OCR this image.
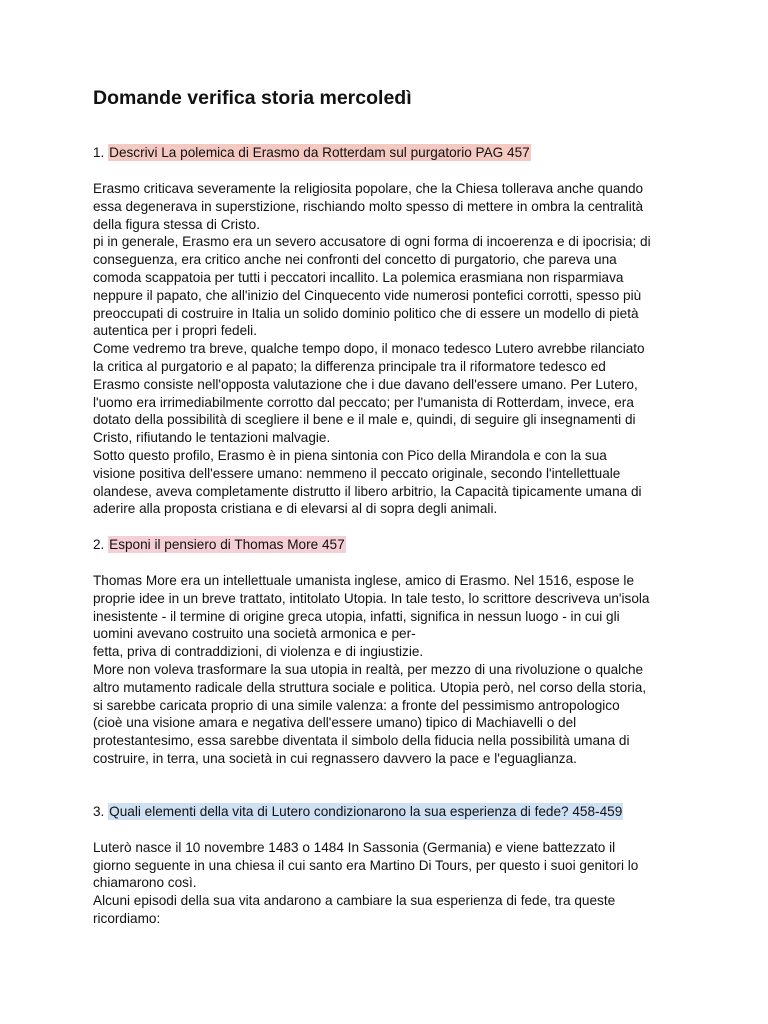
Domande verifica storia mercoledì
1. Descrivi La polemica di Erasmo da Rotterdam sul purgatorio PAG 457
Erasmo criticava severamente la religiosita popolare, che la Chiesa tollerava anche quando
essa degenerava in superstizione, rischiando molto spesso di mettere in ombra la centralità
della figura stessa di Cristo.
pi in generale, Erasmo era un severo accusatore di ogni forma di incoerenza e di ipocrisia; di
conseguenza, era critico anche nei confronti del concetto di purgatorio, che pareva una
comoda scappatoia per tutti i peccatori incallito. La polemica erasmiana non risparmiava
neppure il papato, che all'inizio del Cinquecento vide numerosi pontefici corrotti, spesso più
preoccupati di costruire in Italia un solido dominio politico che di essere un modello di pietà
autentica per i propri fedeli.
Come vedremo tra breve, qualche tempo dopo, il monaco tedesco Lutero avrebbe rilanciato
la critica al purgatorio e al papato; la differenza principale tra il riformatore tedesco ed
Erasmo consiste nell'opposta valutazione che i due davano dell'essere umano. Per Lutero,
l'uomo era irrimediabilmente corrotto dal peccato; per l'umanista di Rotterdam, invece, era
dotato della possibilità di scegliere il bene e il male e, quindi, di seguire gli insegnamenti di
Cristo, rifiutando le tentazioni malvagie.
Sotto questo profilo, Erasmo è in piena sintonia con Pico della Mirandola e con la sua
visione positiva dell'essere umano: nemmeno il peccato originale, secondo l'intellettuale
olandese, aveva completamente distrutto il libero arbitrio, la Capacità tipicamente umana di
aderire alla proposta cristiana e di elevarsi al di sopra degli animali.
2. Esponi il pensiero di Thomas More 457
Thomas More era un intellettuale umanista inglese, amico di Erasmo. Nel 1516, espose le
proprie idee in un breve trattato, intitolato Utopia. In tale testo, lo scrittore descriveva un'isola
inesistente - il termine di origine greca utopia, infatti, significa in nessun luogo - in cui gli
uomini avevano costruito una società armonica e per-
fetta, priva di contraddizioni, di violenza e di ingiustizie.
More non voleva trasformare la sua utopia in realtà, per mezzo di una rivoluzione o qualche
altro mutamento radicale della struttura sociale e politica. Utopia però, nel corso della storia,
si sarebbe caricata proprio di una simile valenza: a fronte del pessimismo antropologico
(cioè una visione amara e negativa dell'essere umano) tipico di Machiavelli o del
protestantesimo, essa sarebbe diventata il simbolo della fiducia nella possibilità umana di
costruire, in terra, una società in cui regnassero davvero la pace e l'eguaglianza.
3. Quali elementi della vita di Lutero condizionarono la sua esperienza di fede? 458-459
Luterò nasce il 10 novembre 1483 o 1484 In Sassonia (Germania) e viene battezzato il
giorno seguente in una chiesa il cui santo era Martino Di Tours, per questo i suoi genitori lo
chiamarono così.
Alcuni episodi della sua vita andarono a cambiare la sua esperienza di fede, tra queste
ricordiamo:
